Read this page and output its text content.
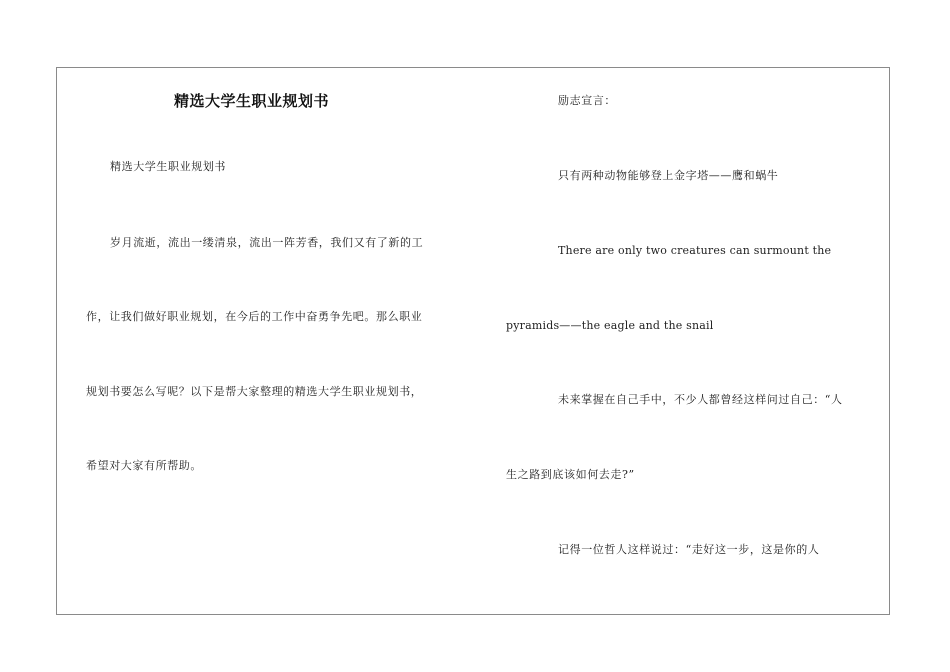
精选大学生职业规划书
精选大学生职业规划书
岁月流逝，流出一缕清泉，流出一阵芳香，我们又有了新的工
作，让我们做好职业规划，在今后的工作中奋勇争先吧。那么职业
规划书要怎么写呢？以下是帮大家整理的精选大学生职业规划书，
希望对大家有所帮助。
励志宣言：
只有两种动物能够登上金字塔——鹰和蜗牛
There are only two creatures can surmount the
pyramids——the eagle and the snail
未来掌握在自己手中，不少人都曾经这样问过自己：“人
生之路到底该如何去走?”
记得一位哲人这样说过：“走好这一步，这是你的人
